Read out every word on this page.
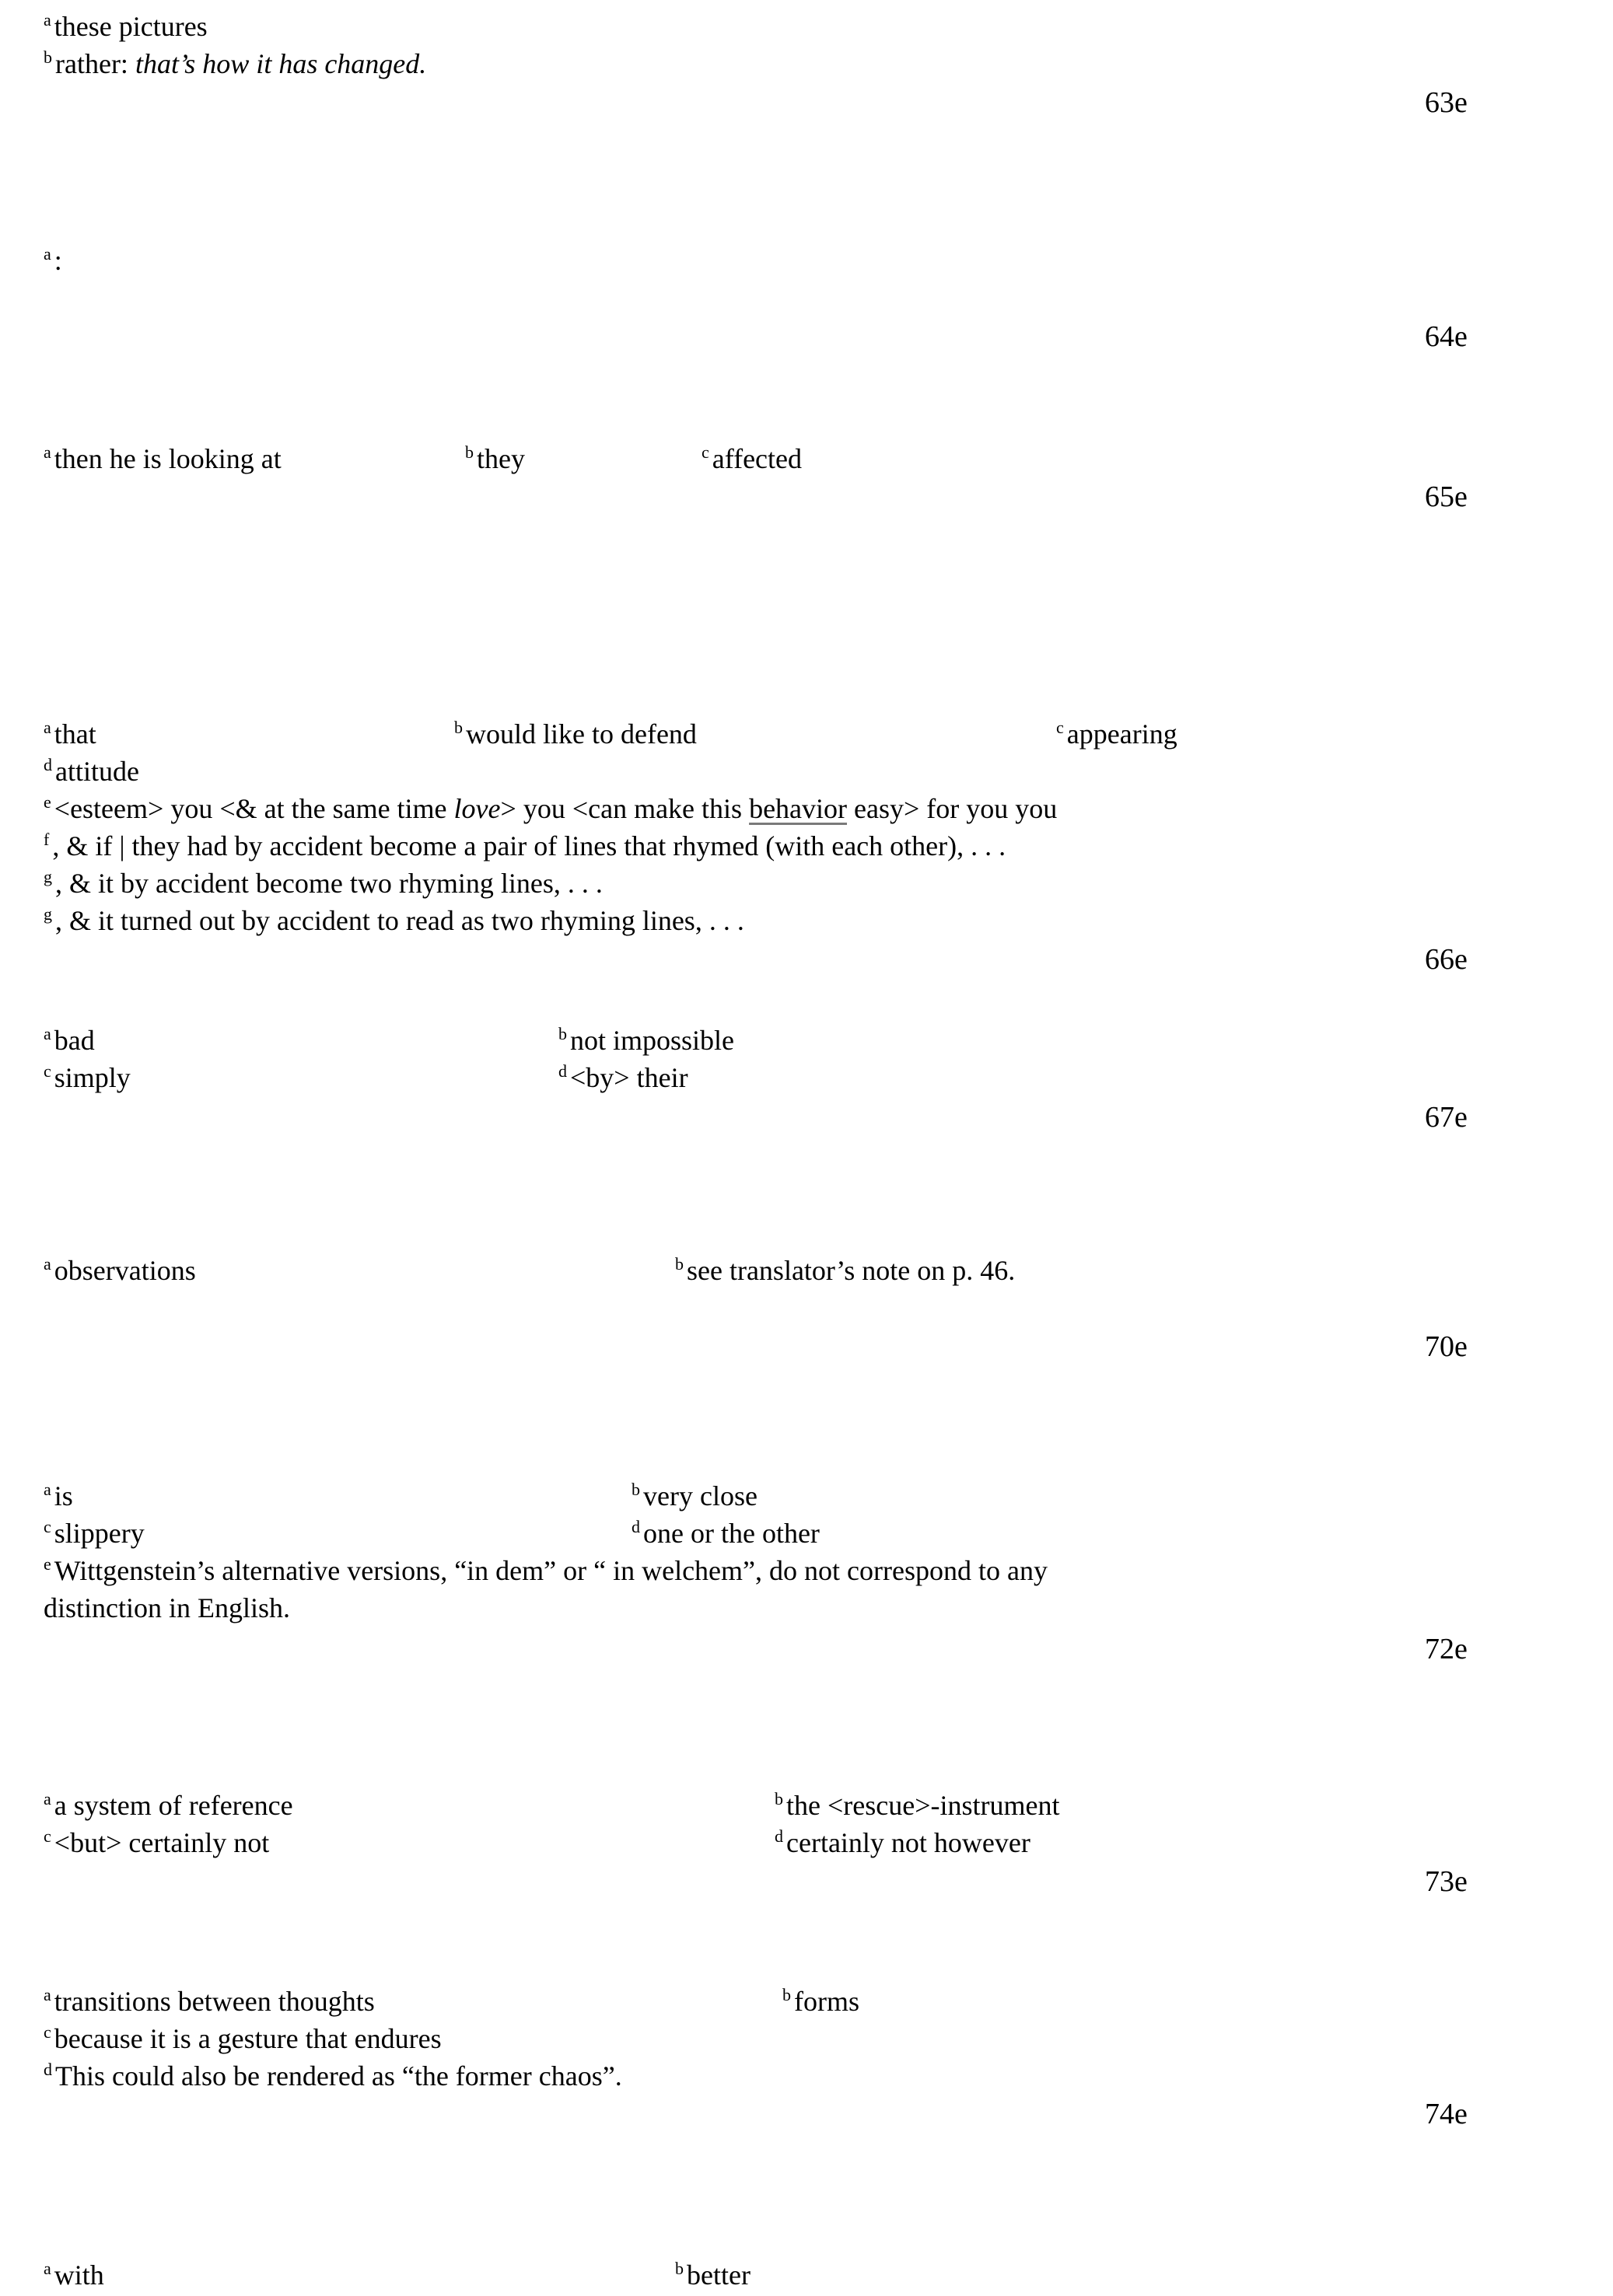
63e
64e
65e
66e
67e
70e
72e
73e
74e
$^a$ these pictures
$^b$ rather: that’s how it has changed.
$^a$ :
$^a$ then he is looking at	$^b$ they	$^c$ affected
$^a$ that	$^b$ would like to defend	$^c$ appearing
$^d$ attitude
$^e$ <esteem> you <& at the same time love> you <can make this behavior easy> for you you
$^f$ , & if | they had by accident become a pair of lines that rhymed (with each other), . . .
$^g$ , & it by accident become two rhyming lines, . . .
$^g$ , & it turned out by accident to read as two rhyming lines, . . .
$^a$ bad	$^b$ not impossible
$^c$ simply	$^d$ <by> their
$^a$ observations	$^b$ see translator’s note on p. 46.
$^a$ is	$^b$ very close
$^c$ slippery	$^d$ one or the other
$^e$ Wittgenstein’s alternative versions, “in dem” or “ in welchem”, do not correspond to any
distinction in English.
$^a$ a system of reference	$^b$ the <rescue>-instrument
$^c$ <but> certainly not	$^d$ certainly not however
$^a$ transitions between thoughts	$^b$ forms
$^c$ because it is a gesture that endures
$^d$ This could also be rendered as “the former chaos”.
$^a$ with	$^b$ better
